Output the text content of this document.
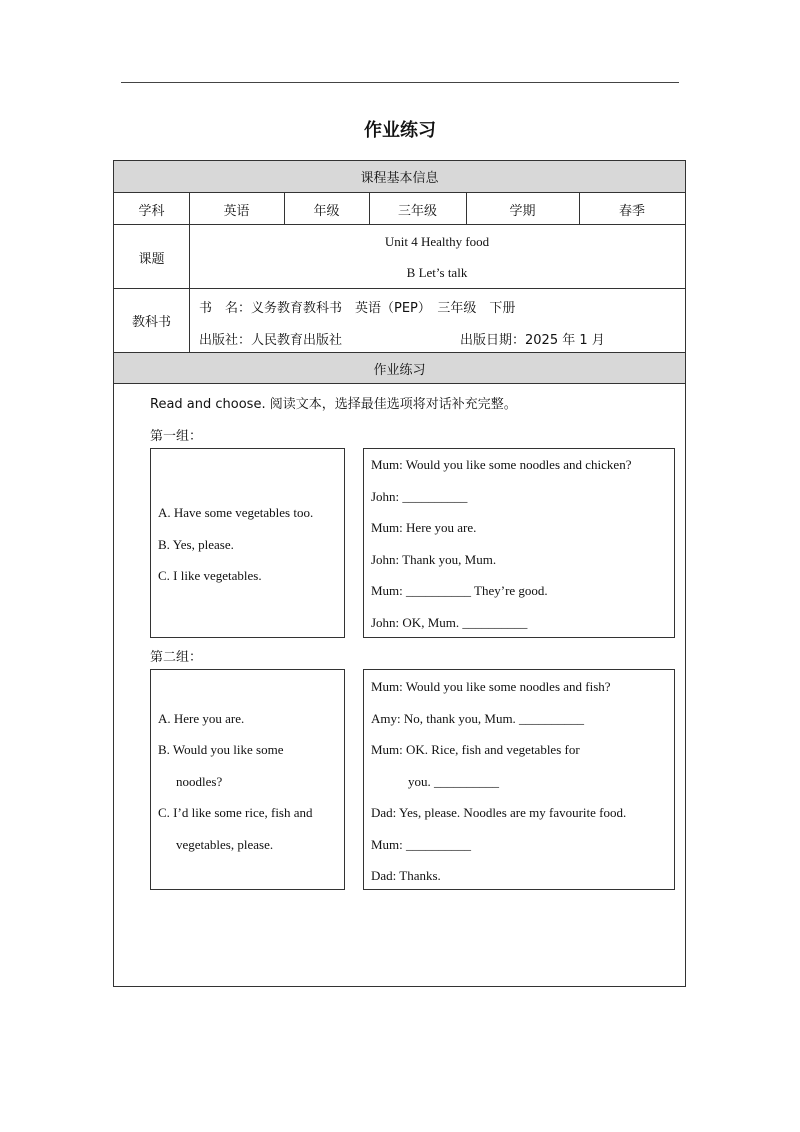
作业练习
课程基本信息
学科	英语	年级	三年级	学期	春季
课题
Unit 4 Healthy food
B Let’s talk
教科书
书　名：义务教育教科书　英语（PEP）　三年级　下册
出版社：人民教育出版社	出版日期：2025 年 1 月
作业练习
Read and choose. 阅读文本，选择最佳选项将对话补充完整。
第一组：
A. Have some vegetables too.
B. Yes, please.
C. I like vegetables.
Mum: Would you like some noodles and chicken?
John: __________
Mum: Here you are.
John: Thank you, Mum.
Mum: __________ They’re good.
John: OK, Mum. __________
第二组：
A. Here you are.
B. Would you like some
noodles?
C. I’d like some rice, fish and
vegetables, please.
Mum: Would you like some noodles and fish?
Amy: No, thank you, Mum. __________
Mum: OK. Rice, fish and vegetables for
you. __________
Dad: Yes, please. Noodles are my favourite food.
Mum: __________
Dad: Thanks.
